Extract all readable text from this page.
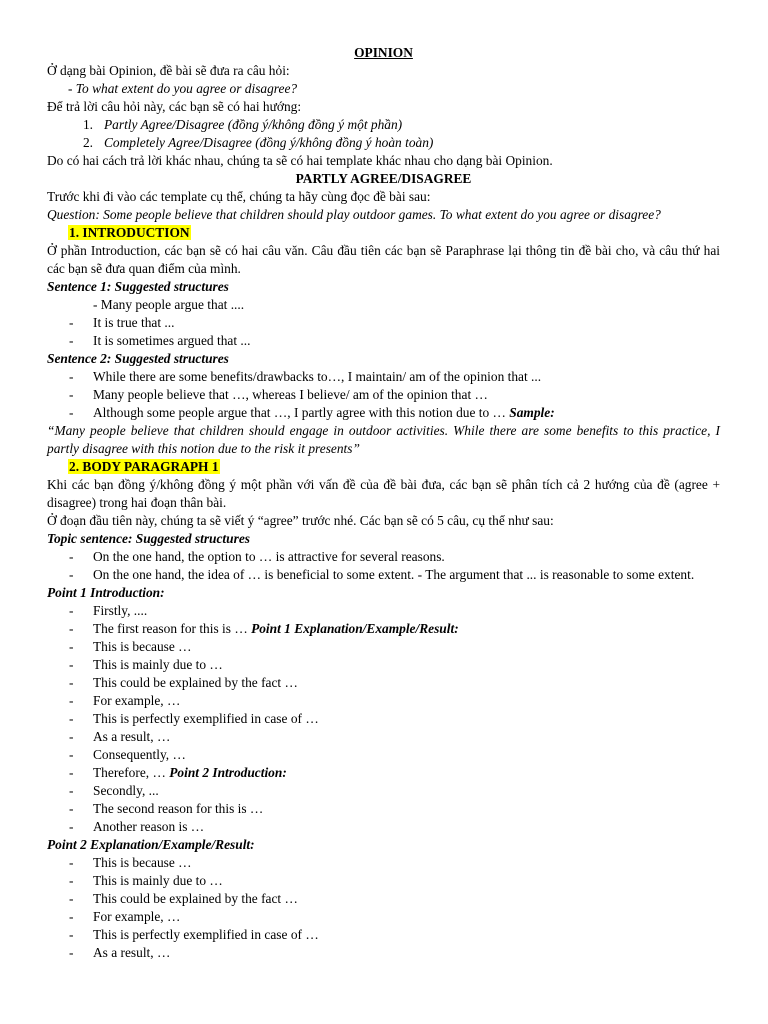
OPINION

Ở dạng bài Opinion, đề bài sẽ đưa ra câu hỏi:

- To what extent do you agree or disagree?

Để trả lời câu hỏi này, các bạn sẽ có hai hướng:

1. Partly Agree/Disagree (đồng ý/không đồng ý một phần)
2. Completely Agree/Disagree (đồng ý/không đồng ý hoàn toàn)

Do có hai cách trả lời khác nhau, chúng ta sẽ có hai template khác nhau cho dạng bài Opinion.

PARTLY AGREE/DISAGREE

Trước khi đi vào các template cụ thể, chúng ta hãy cùng đọc đề bài sau:

Question: Some people believe that children should play outdoor games. To what extent do you agree or disagree?

1. INTRODUCTION

Ở phần Introduction, các bạn sẽ có hai câu văn. Câu đầu tiên các bạn sẽ Paraphrase lại thông tin đề bài cho, và câu thứ hai các bạn sẽ đưa quan điểm của mình.

Sentence 1: Suggested structures

- Many people argue that ....

-	It is true that ...
-	It is sometimes argued that ...

Sentence 2: Suggested structures

-	While there are some benefits/drawbacks to…, I maintain/ am of the opinion that ...
-	Many people believe that …, whereas I believe/ am of the opinion that …
-	Although some people argue that …, I partly agree with this notion due to … Sample:

“Many people believe that children should engage in outdoor activities. While there are some benefits to this practice, I partly disagree with this notion due to the risk it presents”

2. BODY PARAGRAPH 1

Khi các bạn đồng ý/không đồng ý một phần với vấn đề của đề bài đưa, các bạn sẽ phân tích cả 2 hướng của đề (agree + disagree) trong hai đoạn thân bài.

Ở đoạn đầu tiên này, chúng ta sẽ viết ý “agree” trước nhé. Các bạn sẽ có 5 câu, cụ thể như sau:

Topic sentence: Suggested structures

-	On the one hand, the option to … is attractive for several reasons.
-	On the one hand, the idea of … is beneficial to some extent. - The argument that ... is reasonable to some extent.

Point 1 Introduction:

-	Firstly, ....
-	The first reason for this is … Point 1 Explanation/Example/Result:
-	This is because …
-	This is mainly due to …
-	This could be explained by the fact …
-	For example, …
-	This is perfectly exemplified in case of …
-	As a result, …
-	Consequently, …
-	Therefore, … Point 2 Introduction:
-	Secondly, ...
-	The second reason for this is …
-	Another reason is …

Point 2 Explanation/Example/Result:

-	This is because …
-	This is mainly due to …
-	This could be explained by the fact …
-	For example, …
-	This is perfectly exemplified in case of …
-	As a result, …
